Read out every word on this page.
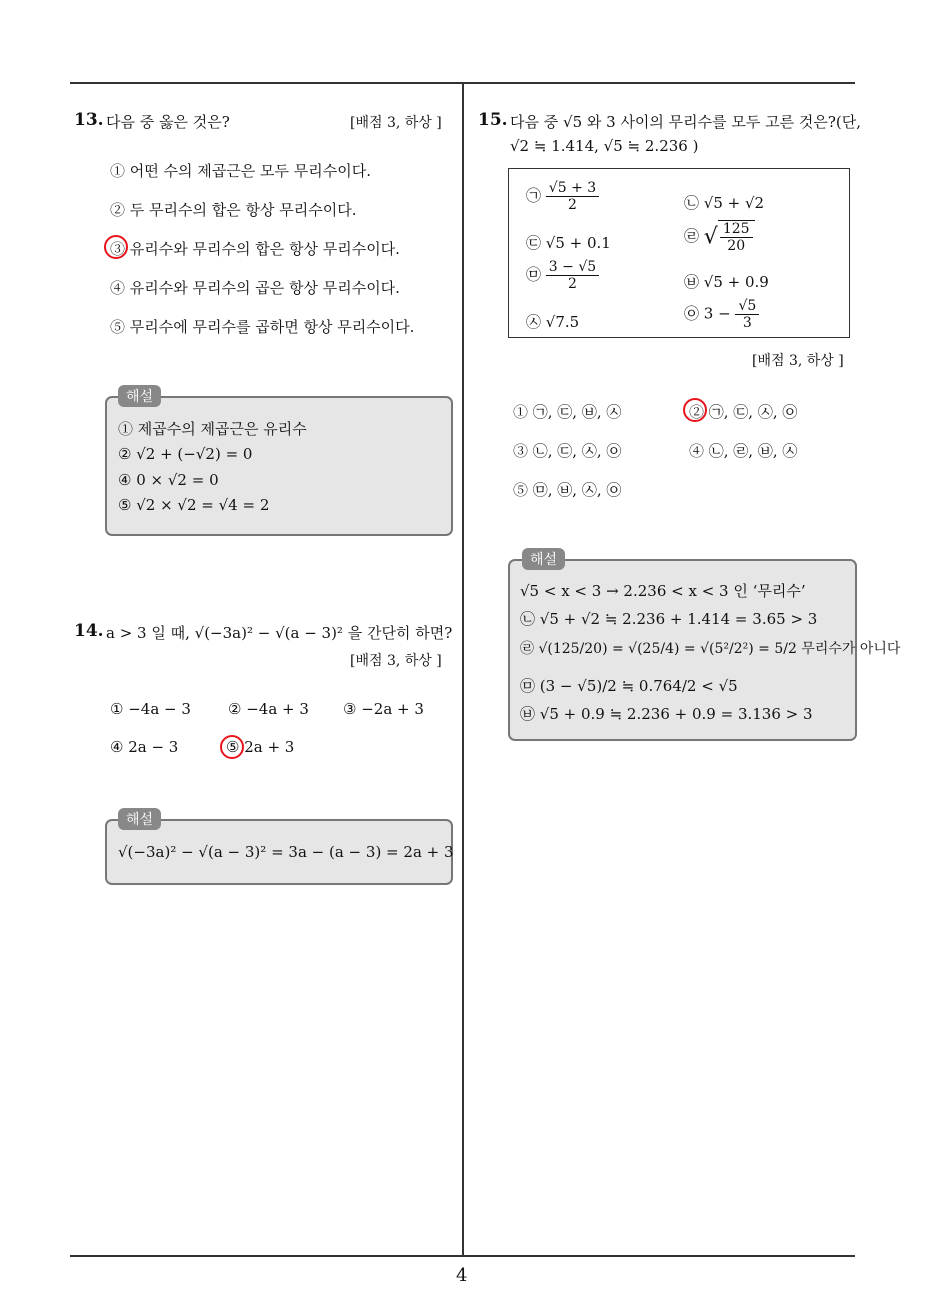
4
13. 다음 중 옳은 것은?	[배점 3, 하상 ]
① 어떤 수의 제곱근은 모두 무리수이다.
② 두 무리수의 합은 항상 무리수이다.
③ 유리수와 무리수의 합은 항상 무리수이다.
④ 유리수와 무리수의 곱은 항상 무리수이다.
⑤ 무리수에 무리수를 곱하면 항상 무리수이다.
해설
① 제곱수의 제곱근은 유리수
② √2 + (−√2) = 0
④ 0 × √2 = 0
⑤ √2 × √2 = √4 = 2
14. a > 3 일 때, √(−3a)² − √(a − 3)² 을 간단히 하면?
[배점 3, 하상 ]
① −4a − 3 ② −4a + 3 ③ −2a + 3
④ 2a − 3	⑤ 2a + 3
해설
√(−3a)² − √(a − 3)² = 3a − (a − 3) = 2a + 3
15. 다음 중 √5 와 3 사이의 무리수를 모두 고른 것은?(단,
√2 ≒ 1.414, √5 ≒ 2.236 )
㉠ $\frac{√5 + 3}{2}$	㉡ √5 + √2
㉢ √5 + 0.1	㉣ √ $\frac{125}{20}$
㉤ $\frac{3 - √5}{2}$	㉥ √5 + 0.9
㉦ √7.5	㉧ $3 - \frac{√5}{3}$
[배점 3, 하상 ]
① ㉠, ㉢, ㉥, ㉦	② ㉠, ㉢, ㉦, ㉧
③ ㉡, ㉢, ㉦, ㉧	④ ㉡, ㉣, ㉥, ㉦
⑤ ㉤, ㉥, ㉦, ㉧
해설
√5 < x < 3 → 2.236 < x < 3 인 ‘무리수’
㉡ √5 + √2 ≒ 2.236 + 1.414 = 3.65 > 3
㉣ √(125/20) = √(25/4) = √(5²/2²) = 5/2 무리수가 아니다
㉤ (3 − √5)/2 ≒ 0.764/2 < √5
㉥ √5 + 0.9 ≒ 2.236 + 0.9 = 3.136 > 3
